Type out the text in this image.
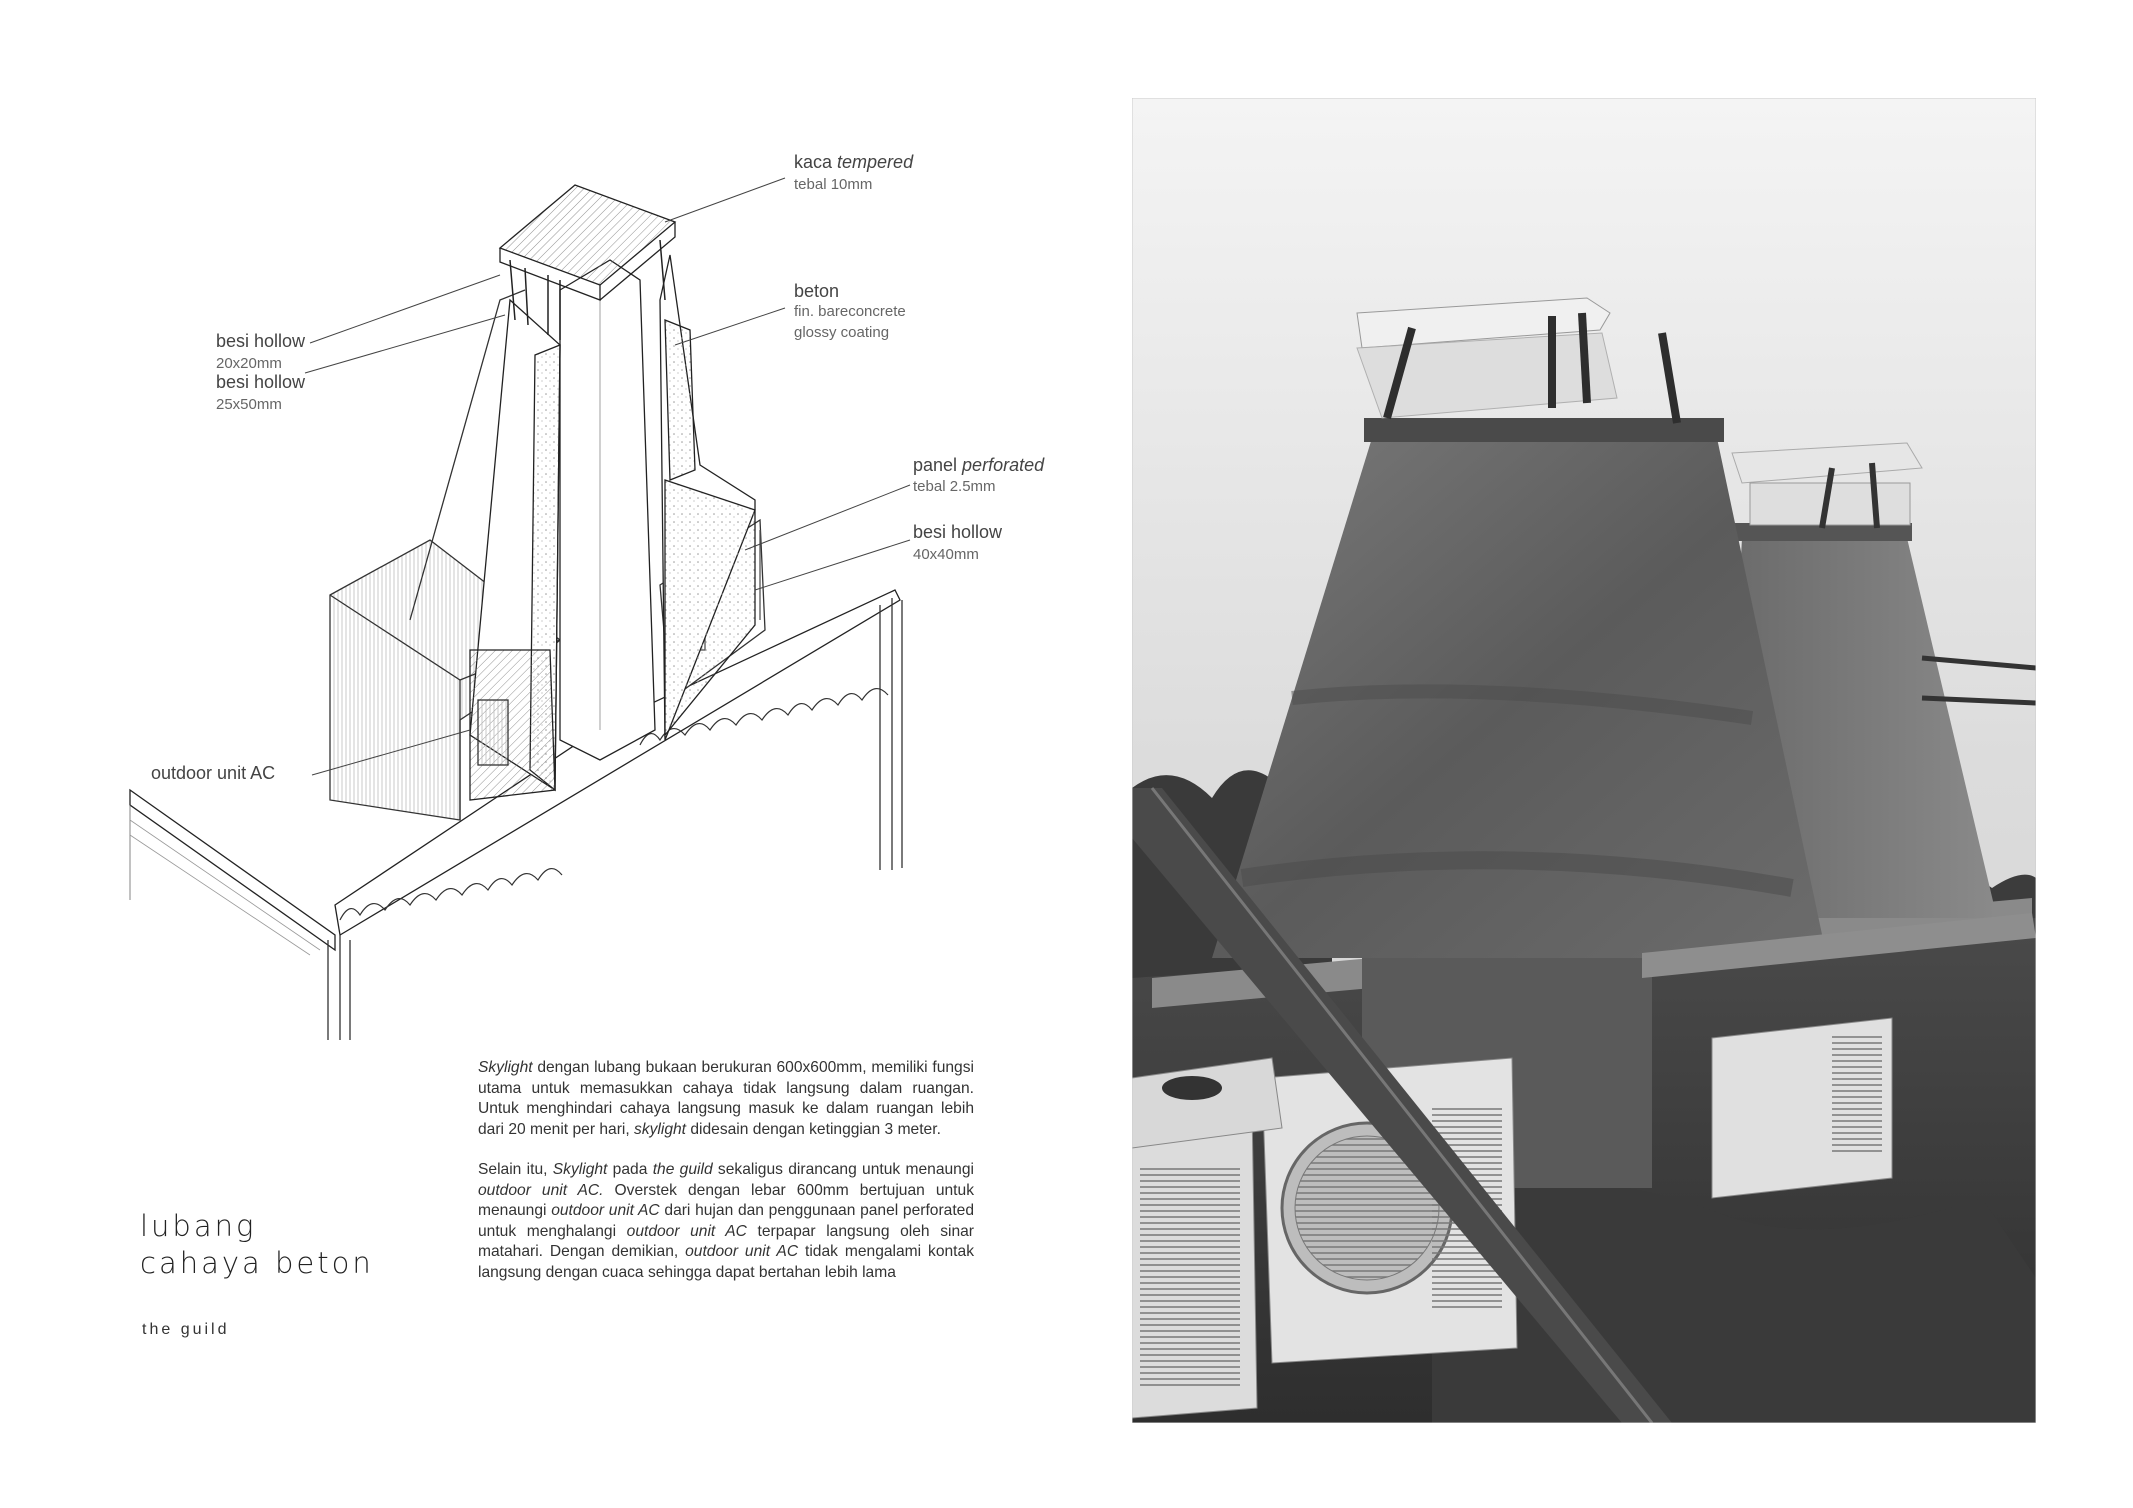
kaca tempered
tebal 10mm
beton
fin. bareconcrete
glossy coating
besi hollow
20x20mm
besi hollow
25x50mm
panel perforated
tebal 2.5mm
besi hollow
40x40mm
outdoor unit AC
lubang
cahaya beton
the guild

Skylight dengan lubang bukaan berukuran 600x600mm, memiliki fungsi utama untuk memasukkan cahaya tidak langsung dalam ruangan. Untuk menghindari cahaya langsung masuk ke dalam ruangan lebih dari 20 menit per hari, skylight didesain dengan ketinggian 3 meter.

Selain itu, Skylight pada the guild sekaligus dirancang untuk menaungi outdoor unit AC. Overstek dengan lebar 600mm bertujuan untuk menaungi outdoor unit AC dari hujan dan penggunaan panel perforated untuk menghalangi outdoor unit AC terpapar langsung oleh sinar matahari. Dengan demikian, outdoor unit AC tidak mengalami kontak langsung dengan cuaca sehingga dapat bertahan lebih lama
